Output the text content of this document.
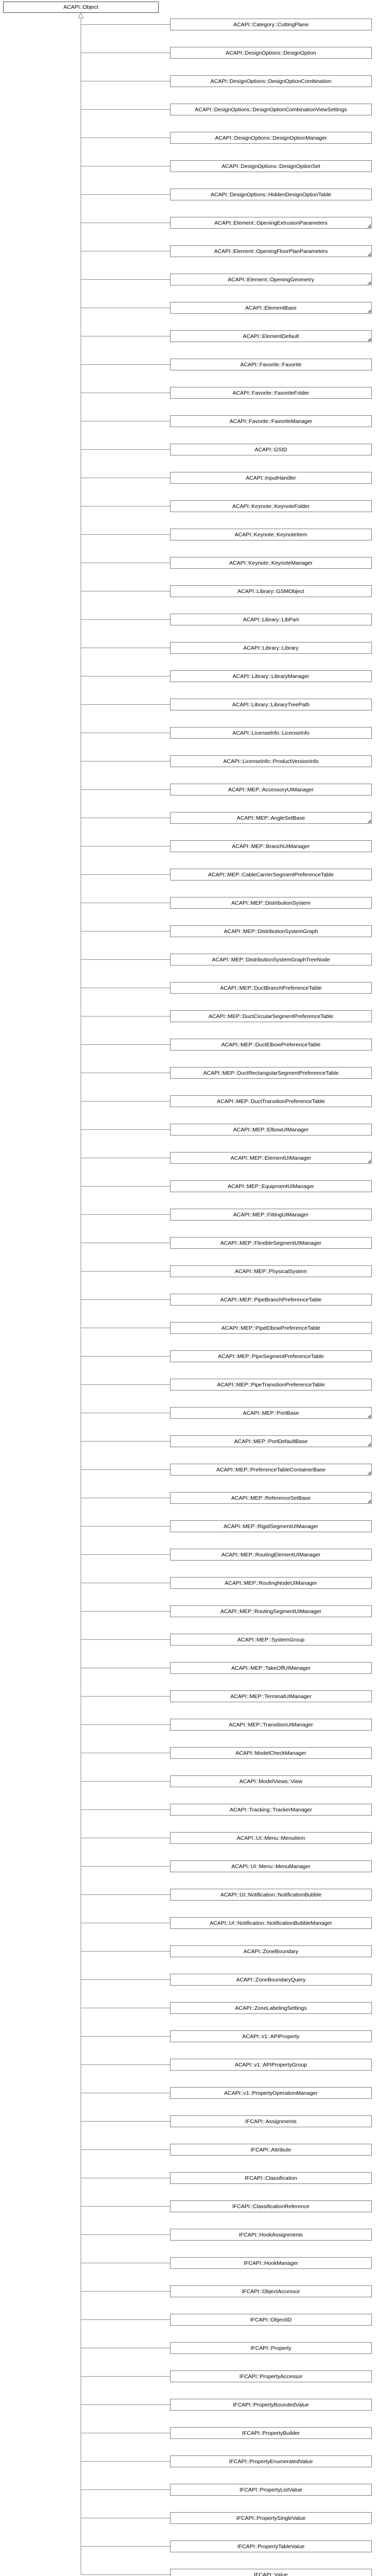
ACAPI::Object
ACAPI::Category::CuttingPlane
ACAPI::DesignOptions::DesignOption
ACAPI::DesignOptions::DesignOptionCombination
ACAPI::DesignOptions::DesignOptionCombinationViewSettings
ACAPI::DesignOptions::DesignOptionManager
ACAPI::DesignOptions::DesignOptionSet
ACAPI::DesignOptions::HiddenDesignOptionTable
ACAPI::Element::OpeningExtrusionParameters
ACAPI::Element::OpeningFloorPlanParameters
ACAPI::Element::OpeningGeometry
ACAPI::ElementBase
ACAPI::ElementDefault
ACAPI::Favorite::Favorite
ACAPI::Favorite::FavoriteFolder
ACAPI::Favorite::FavoriteManager
ACAPI::GSID
ACAPI::InputHandler
ACAPI::Keynote::KeynoteFolder
ACAPI::Keynote::KeynoteItem
ACAPI::Keynote::KeynoteManager
ACAPI::Library::GSMObject
ACAPI::Library::LibPart
ACAPI::Library::Library
ACAPI::Library::LibraryManager
ACAPI::Library::LibraryTreePath
ACAPI::Licenselnfo::Licenselnfo
ACAPI::Licenselnfo::ProductVersionInfo
ACAPI::MEP::AccessoryUIManager
ACAPI::MEP::AngleSetBase
ACAPI::MEP::BranchUIManager
ACAPI::MEP::CableCarrierSegmentPreferenceTable
ACAPI::MEP::DistributionSystem
ACAPI::MEP::DistributionSystemGraph
ACAPI::MEP::DistributionSystemGraphTreeNode
ACAPI::MEP::DuctBranchPreferenceTable
ACAPI::MEP::DuctCircularSegmentPreferenceTable
ACAPI::MEP::DuctElbowPreferenceTable
ACAPI::MEP::DuctRectangularSegmentPreferenceTable
ACAPI::MEP::DuctTransitionPreferenceTable
ACAPI::MEP::ElbowUIManager
ACAPI::MEP::ElementUIManager
ACAPI::MEP::EquipmentUIManager
ACAPI::MEP::FittingUIManager
ACAPI::MEP::FlexibleSegmentUIManager
ACAPI::MEP::PhysicalSystem
ACAPI::MEP::PipeBranchPreferenceTable
ACAPI::MEP::PipeElbowPreferenceTable
ACAPI::MEP::PipeSegmentPreferenceTable
ACAPI::MEP::PipeTransitionPreferenceTable
ACAPI::MEP::PortBase
ACAPI::MEP::PortDefaultBase
ACAPI::MEP::PreferenceTableContainerBase
ACAPI::MEP::ReferenceSetBase
ACAPI::MEP::RigidSegmentUIManager
ACAPI::MEP::RoutingElementUIManager
ACAPI::MEP::RoutingNodeUIManager
ACAPI::MEP::RoutingSegmentUIManager
ACAPI::MEP::SystemGroup
ACAPI::MEP::TakeOffUIManager
ACAPI::MEP::TerminalUIManager
ACAPI::MEP::TransitionUIManager
ACAPI::ModelCheckManager
ACAPI::ModelViews::View
ACAPI::Tracking::TrackerManager
ACAPI::UI::Menu::MenuItem
ACAPI::UI::Menu::MenuManager
ACAPI::UI::Notification::NotificationBubble
ACAPI::UI::Notification::NotificationBubbleManager
ACAPI::ZoneBoundary
ACAPI::ZoneBoundaryQuery
ACAPI::ZoneLabelingSettings
ACAPI::v1::APIProperty
ACAPI::v1::APIPropertyGroup
ACAPI::v1::PropertyOperationManager
IFCAPI::Assignments
IFCAPI::Attribute
IFCAPI::Classification
IFCAPI::ClassificationReference
IFCAPI::HookAssignments
IFCAPI::HookManager
IFCAPI::ObjectAccessor
IFCAPI::ObjectID
IFCAPI::Property
IFCAPI::PropertyAccessor
IFCAPI::PropertyBoundedValue
IFCAPI::PropertyBuilder
IFCAPI::PropertyEnumeratedValue
IFCAPI::PropertyListValue
IFCAPI::PropertySingleValue
IFCAPI::PropertyTableValue
IFCAPI::Value
